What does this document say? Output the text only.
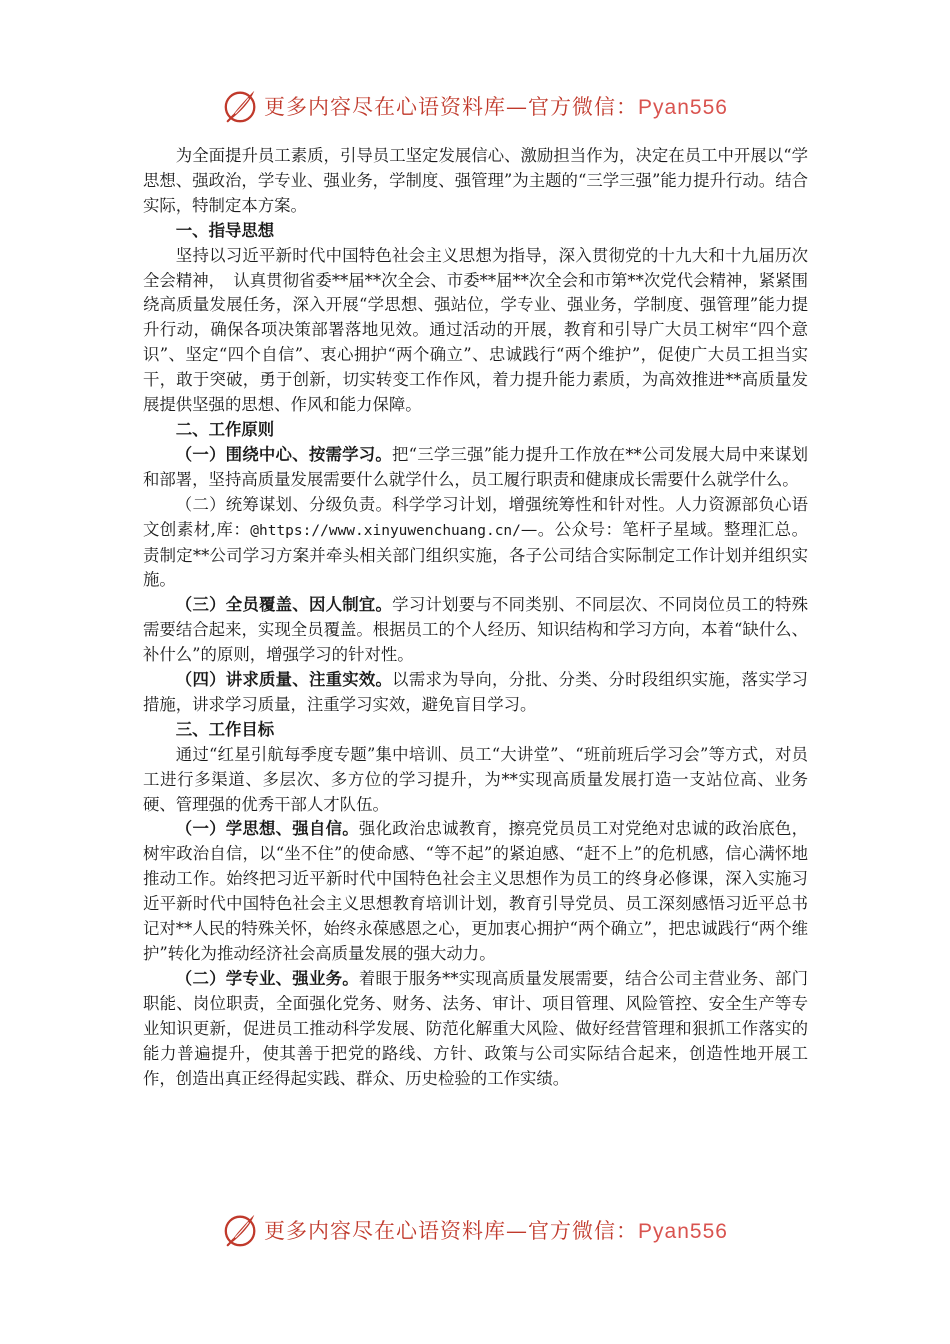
更多内容尽在心语资料库—官方微信：Pyan556

为全面提升员工素质，引导员工坚定发展信心、激励担当作为，决定在员工中开展以“学思想、强政治，学专业、强业务，学制度、强管理”为主题的“三学三强”能力提升行动。结合实际，特制定本方案。

一、指导思想

坚持以习近平新时代中国特色社会主义思想为指导，深入贯彻党的十九大和十九届历次全会精神，　认真贯彻省委**届**次全会、市委**届**次全会和市第**次党代会精神，紧紧围绕高质量发展任务，深入开展“学思想、强站位，学专业、强业务，学制度、强管理”能力提升行动，确保各项决策部署落地见效。通过活动的开展，教育和引导广大员工树牢“四个意识”、坚定“四个自信”、衷心拥护“两个确立”、忠诚践行“两个维护”，促使广大员工担当实干，敢于突破，勇于创新，切实转变工作作风，着力提升能力素质，为高效推进**高质量发展提供坚强的思想、作风和能力保障。

二、工作原则

（一）围绕中心、按需学习。把“三学三强”能力提升工作放在**公司发展大局中来谋划和部署，坚持高质量发展需要什么就学什么，员工履行职责和健康成长需要什么就学什么。

（二）统筹谋划、分级负责。科学学习计划，增强统筹性和针对性。人力资源部负心语文创素材,库：@https://www.xinyuwenchuang.cn/—。公众号：笔杆子星域。整理汇总。责制定**公司学习方案并牵头相关部门组织实施，各子公司结合实际制定工作计划并组织实施。

（三）全员覆盖、因人制宜。学习计划要与不同类别、不同层次、不同岗位员工的特殊需要结合起来，实现全员覆盖。根据员工的个人经历、知识结构和学习方向，本着“缺什么、补什么”的原则，增强学习的针对性。

（四）讲求质量、注重实效。以需求为导向，分批、分类、分时段组织实施，落实学习措施，讲求学习质量，注重学习实效，避免盲目学习。

三、工作目标

通过“红星引航每季度专题”集中培训、员工“大讲堂”、“班前班后学习会”等方式，对员工进行多渠道、多层次、多方位的学习提升，为**实现高质量发展打造一支站位高、业务硬、管理强的优秀干部人才队伍。

（一）学思想、强自信。强化政治忠诚教育，擦亮党员员工对党绝对忠诚的政治底色，树牢政治自信，以“坐不住”的使命感、“等不起”的紧迫感、“赶不上”的危机感，信心满怀地推动工作。始终把习近平新时代中国特色社会主义思想作为员工的终身必修课，深入实施习近平新时代中国特色社会主义思想教育培训计划，教育引导党员、员工深刻感悟习近平总书记对**人民的特殊关怀，始终永葆感恩之心，更加衷心拥护“两个确立”，把忠诚践行“两个维护”转化为推动经济社会高质量发展的强大动力。

（二）学专业、强业务。着眼于服务**实现高质量发展需要，结合公司主营业务、部门职能、岗位职责，全面强化党务、财务、法务、审计、项目管理、风险管控、安全生产等专业知识更新，促进员工推动科学发展、防范化解重大风险、做好经营管理和狠抓工作落实的能力普遍提升，使其善于把党的路线、方针、政策与公司实际结合起来，创造性地开展工作，创造出真正经得起实践、群众、历史检验的工作实绩。

更多内容尽在心语资料库—官方微信：Pyan556
